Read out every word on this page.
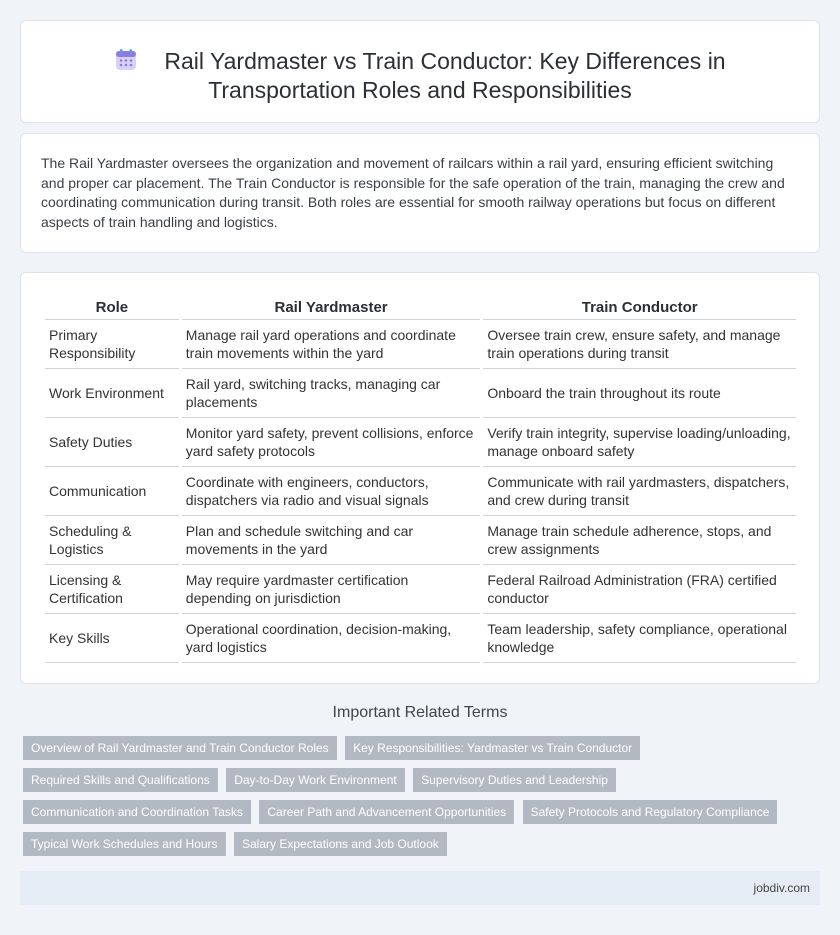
Rail Yardmaster vs Train Conductor: Key Differences in
Transportation Roles and Responsibilities

The Rail Yardmaster oversees the organization and movement of railcars within a rail yard, ensuring efficient switching and proper car placement. The Train Conductor is responsible for the safe operation of the train, managing the crew and coordinating communication during transit. Both roles are essential for smooth railway operations but focus on different aspects of train handling and logistics.

Role	Rail Yardmaster	Train Conductor
Primary Responsibility	Manage rail yard operations and coordinate train movements within the yard	Oversee train crew, ensure safety, and manage train operations during transit
Work Environment	Rail yard, switching tracks, managing car placements	Onboard the train throughout its route
Safety Duties	Monitor yard safety, prevent collisions, enforce yard safety protocols	Verify train integrity, supervise loading/unloading, manage onboard safety
Communication	Coordinate with engineers, conductors, dispatchers via radio and visual signals	Communicate with rail yardmasters, dispatchers, and crew during transit
Scheduling & Logistics	Plan and schedule switching and car movements in the yard	Manage train schedule adherence, stops, and crew assignments
Licensing & Certification	May require yardmaster certification depending on jurisdiction	Federal Railroad Administration (FRA) certified conductor
Key Skills	Operational coordination, decision-making, yard logistics	Team leadership, safety compliance, operational knowledge
Important Related Terms
Overview of Rail Yardmaster and Train Conductor Roles Key Responsibilities: Yardmaster vs Train Conductor
Required Skills and Qualifications Day-to-Day Work Environment Supervisory Duties and Leadership
Communication and Coordination Tasks Career Path and Advancement Opportunities Safety Protocols and Regulatory Compliance
Typical Work Schedules and Hours Salary Expectations and Job Outlook
jobdiv.com
